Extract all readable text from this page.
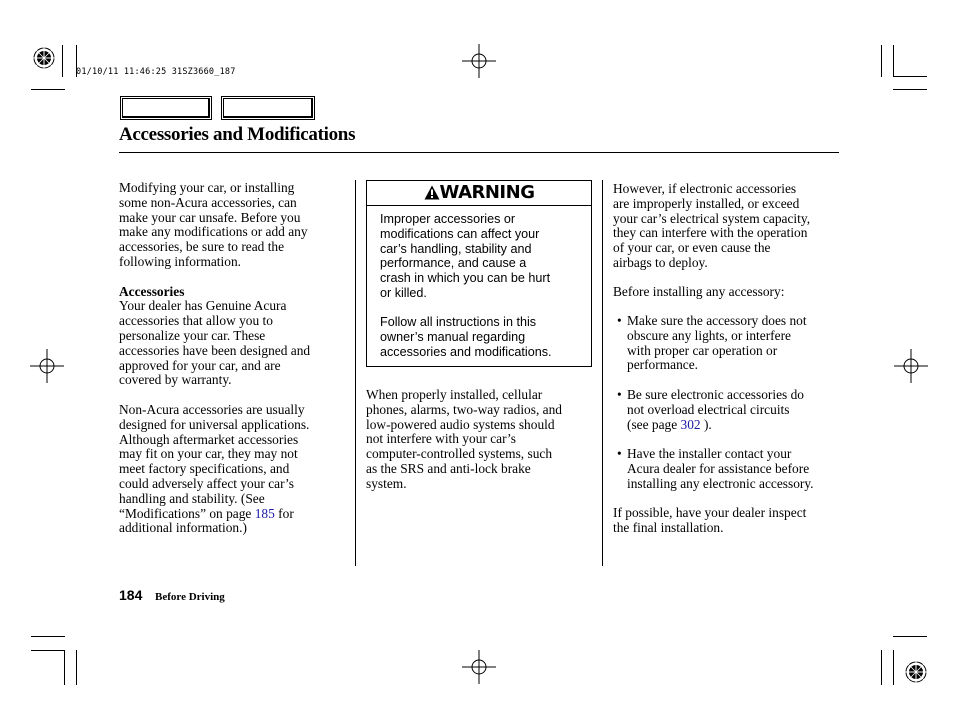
01/10/11 11:46:25 31SZ3660_187
Accessories and Modifications

Modifying your car, or installing

some non-Acura accessories, can

make your car unsafe. Before you

make any modifications or add any

accessories, be sure to read the

following information.

Accessories

Your dealer has Genuine Acura

accessories that allow you to

personalize your car. These

accessories have been designed and

approved for your car, and are

covered by warranty.

Non-Acura accessories are usually

designed for universal applications.

Although aftermarket accessories

may fit on your car, they may not

meet factory specifications, and

could adversely affect your car’s

handling and stability. (See

“Modifications” on page 185 for

additional information.)

WARNING

Improper accessories or

modifications can affect your

car’s handling, stability and

performance, and cause a

crash in which you can be hurt

or killed.

Follow all instructions in this

owner’s manual regarding

accessories and modifications.

When properly installed, cellular

phones, alarms, two-way radios, and

low-powered audio systems should

not interfere with your car’s

computer-controlled systems, such

as the SRS and anti-lock brake

system.

However, if electronic accessories

are improperly installed, or exceed

your car’s electrical system capacity,

they can interfere with the operation

of your car, or even cause the

airbags to deploy.

Before installing any accessory:
• Make sure the accessory does not

obscure any lights, or interfere

with proper car operation or

performance.

• Be sure electronic accessories do

not overload electrical circuits

(see page 302 ).

• Have the installer contact your

Acura dealer for assistance before

installing any electronic accessory.

If possible, have your dealer inspect

the final installation.

184 Before Driving
